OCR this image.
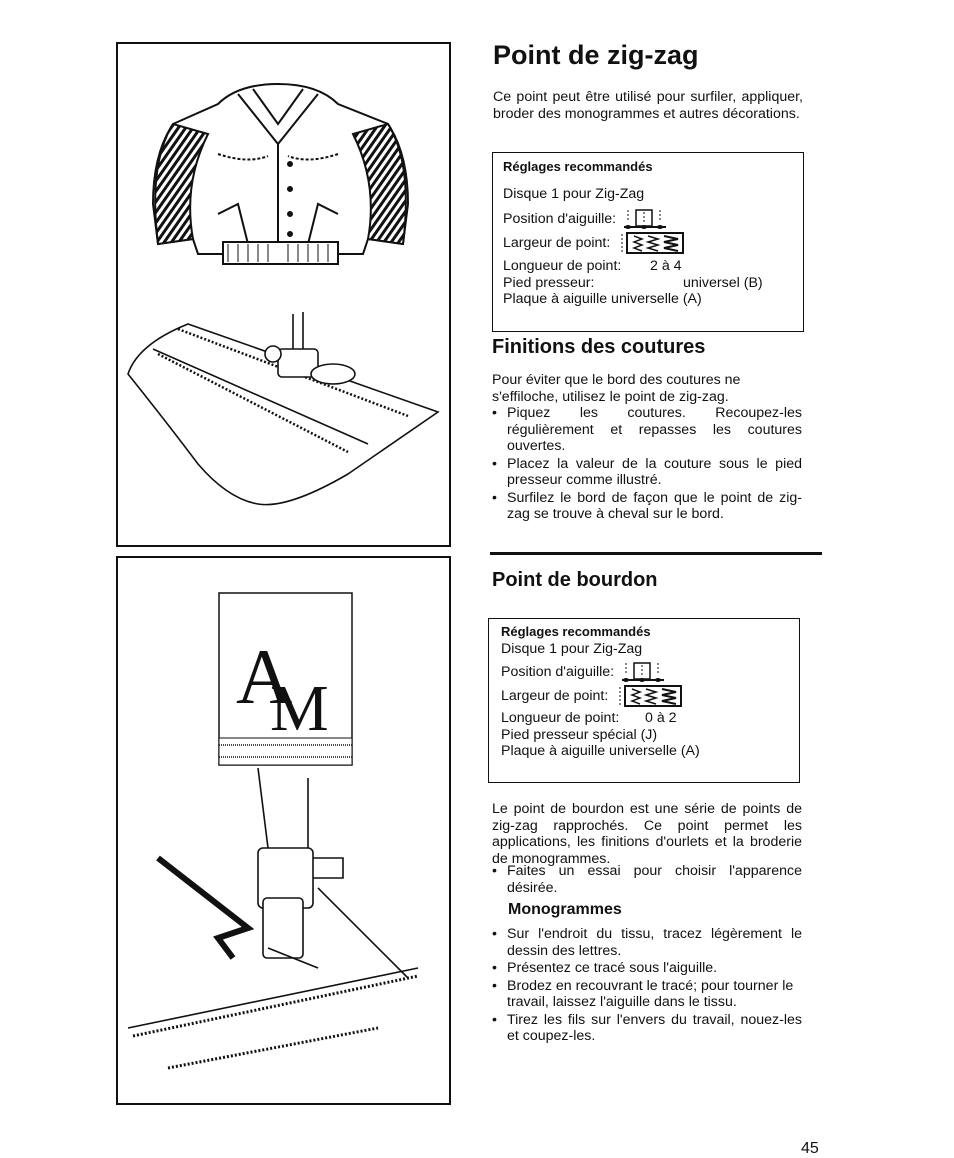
A
M
Point de zig-zag

Ce point peut être utilisé pour surfiler, appliquer, broder des monogrammes et autres décorations.

Réglages recommandés
Disque 1 pour Zig-Zag
Position d'aiguille:
Largeur de point:
Longueur de point:	2 à 4
Pied presseur:	universel (B)
Plaque à aiguille universelle (A)
Finitions des coutures

Pour éviter que le bord des coutures ne s'effiloche, utilisez le point de zig-zag.

• Piquez les coutures. Recoupez-les régulièrement et repasses les coutures ouvertes.
• Placez la valeur de la couture sous le pied presseur comme illustré.
• Surfilez le bord de façon que le point de zig-zag se trouve à cheval sur le bord.
Point de bourdon
Réglages recommandés
Disque 1 pour Zig-Zag
Position d'aiguille:
Largeur de point:
Longueur de point:	0 à 2
Pied presseur spécial (J)
Plaque à aiguille universelle (A)

Le point de bourdon est une série de points de zig-zag rapprochés. Ce point permet les applications, les finitions d'ourlets et la broderie de monogrammes.

• Faites un essai pour choisir l'apparence désirée.
Monogrammes
• Sur l'endroit du tissu, tracez légèrement le dessin des lettres.
• Présentez ce tracé sous l'aiguille.
• Brodez en recouvrant le tracé; pour tourner le travail, laissez l'aiguille dans le tissu.
• Tirez les fils sur l'envers du travail, nouez-les et coupez-les.
45
